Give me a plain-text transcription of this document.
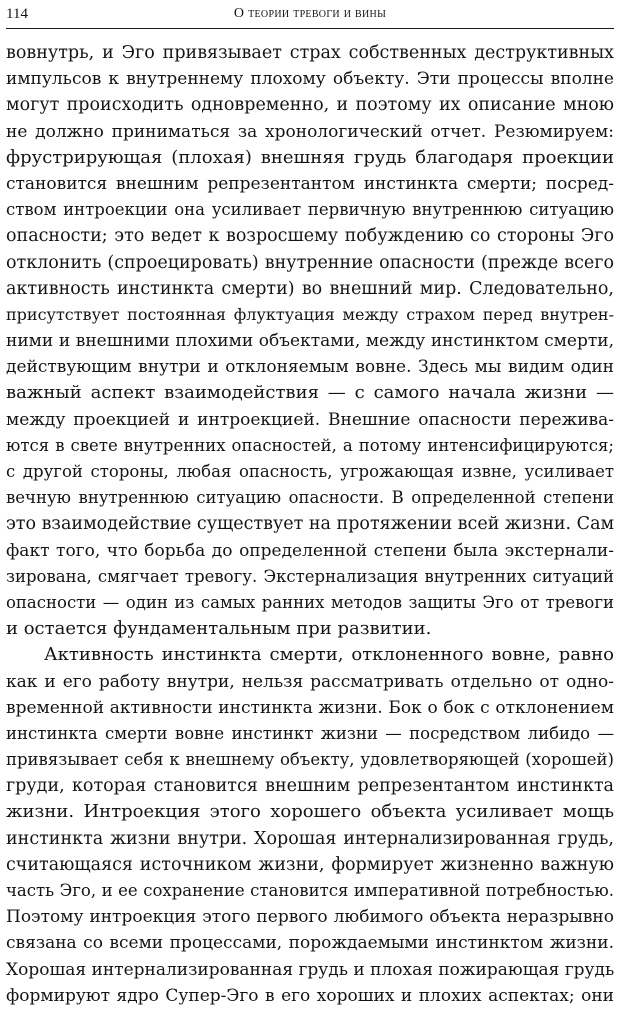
114	О теории тревоги и вины
вовнутрь, и Эго привязывает страх собственных деструктивных
импульсов к внутреннему плохому объекту. Эти процессы вполне
могут происходить одновременно, и поэтому их описание мною
не должно приниматься за хронологический отчет. Резюмируем:
фрустрирующая (плохая) внешняя грудь благодаря проекции
становится внешним репрезентантом инстинкта смерти; посред-
ством интроекции она усиливает первичную внутреннюю ситуацию
опасности; это ведет к возросшему побуждению со стороны Эго
отклонить (спроецировать) внутренние опасности (прежде всего
активность инстинкта смерти) во внешний мир. Следовательно,
присутствует постоянная флуктуация между страхом перед внутрен-
ними и внешними плохими объектами, между инстинктом смерти,
действующим внутри и отклоняемым вовне. Здесь мы видим один
важный аспект взаимодействия — с самого начала жизни —
между проекцией и интроекцией. Внешние опасности пережива-
ются в свете внутренних опасностей, а потому интенсифицируются;
с другой стороны, любая опасность, угрожающая извне, усиливает
вечную внутреннюю ситуацию опасности. В определенной степени
это взаимодействие существует на протяжении всей жизни. Сам
факт того, что борьба до определенной степени была экстернали-
зирована, смягчает тревогу. Экстернализация внутренних ситуаций
опасности — один из самых ранних методов защиты Эго от тревоги
и остается фундаментальным при развитии.
Активность инстинкта смерти, отклоненного вовне, равно
как и его работу внутри, нельзя рассматривать отдельно от одно-
временной активности инстинкта жизни. Бок о бок с отклонением
инстинкта смерти вовне инстинкт жизни — посредством либидо —
привязывает себя к внешнему объекту, удовлетворяющей (хорошей)
груди, которая становится внешним репрезентантом инстинкта
жизни. Интроекция этого хорошего объекта усиливает мощь
инстинкта жизни внутри. Хорошая интернализированная грудь,
считающаяся источником жизни, формирует жизненно важную
часть Эго, и ее сохранение становится императивной потребностью.
Поэтому интроекция этого первого любимого объекта неразрывно
связана со всеми процессами, порождаемыми инстинктом жизни.
Хорошая интернализированная грудь и плохая пожирающая грудь
формируют ядро Супер-Эго в его хороших и плохих аспектах; они
